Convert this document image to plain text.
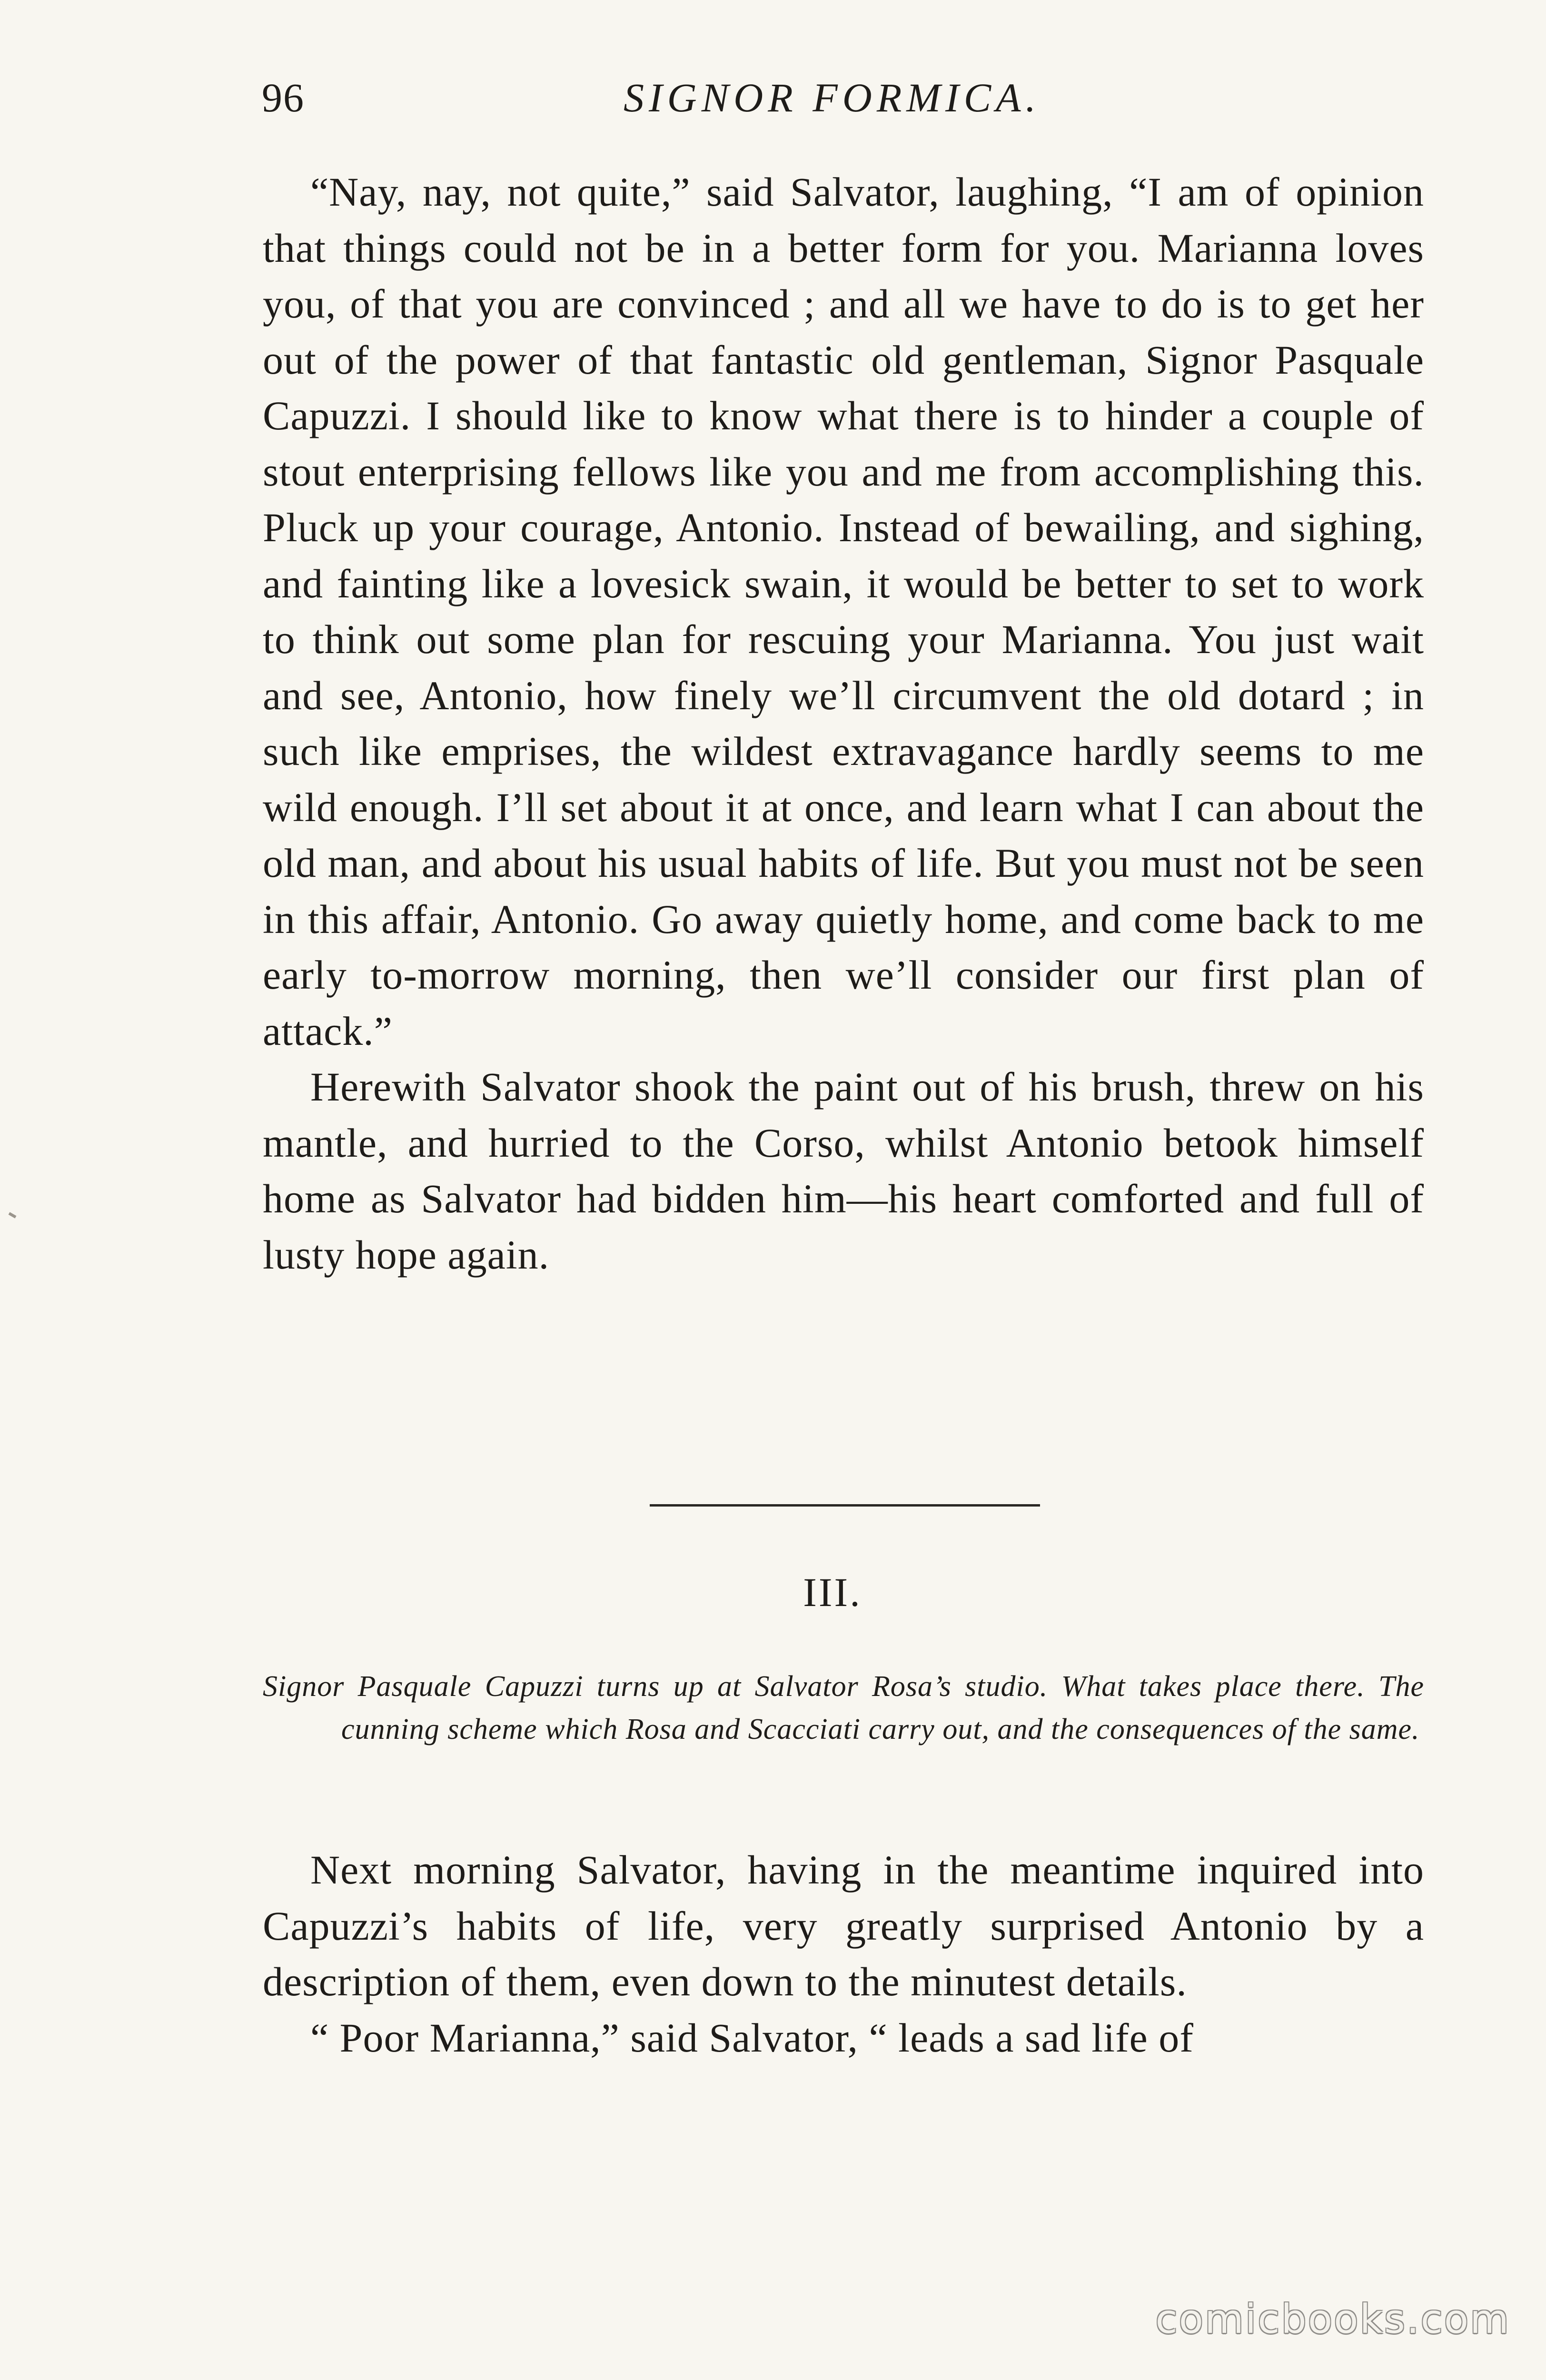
96	SIGNOR FORMICA.

“Nay, nay, not quite,” said Salvator, laughing, “I am of opinion that things could not be in a better form for you. Marianna loves you, of that you are convinced ; and all we have to do is to get her out of the power of that fantastic old gentleman, Signor Pasquale Capuzzi. I should like to know what there is to hinder a couple of stout enterprising fellows like you and me from accomplishing this. Pluck up your courage, Antonio. Instead of bewailing, and sighing, and fainting like a lovesick swain, it would be better to set to work to think out some plan for rescuing your Marianna. You just wait and see, Antonio, how finely we’ll circumvent the old dotard ; in such like emprises, the wildest extravagance hardly seems to me wild enough. I’ll set about it at once, and learn what I can about the old man, and about his usual habits of life. But you must not be seen in this affair, Antonio. Go away quietly home, and come back to me early to-morrow morning, then we’ll consider our first plan of attack.”

Herewith Salvator shook the paint out of his brush, threw on his mantle, and hurried to the Corso, whilst Antonio betook himself home as Salvator had bidden him—his heart comforted and full of lusty hope again.

III.

Signor Pasquale Capuzzi turns up at Salvator Rosa’s studio. What takes place there. The cunning scheme which Rosa and Scacciati carry out, and the consequences of the same.

Next morning Salvator, having in the meantime inquired into Capuzzi’s habits of life, very greatly surprised Antonio by a description of them, even down to the minutest details.

“ Poor Marianna,” said Salvator, “ leads a sad life of

comicbooks.com
